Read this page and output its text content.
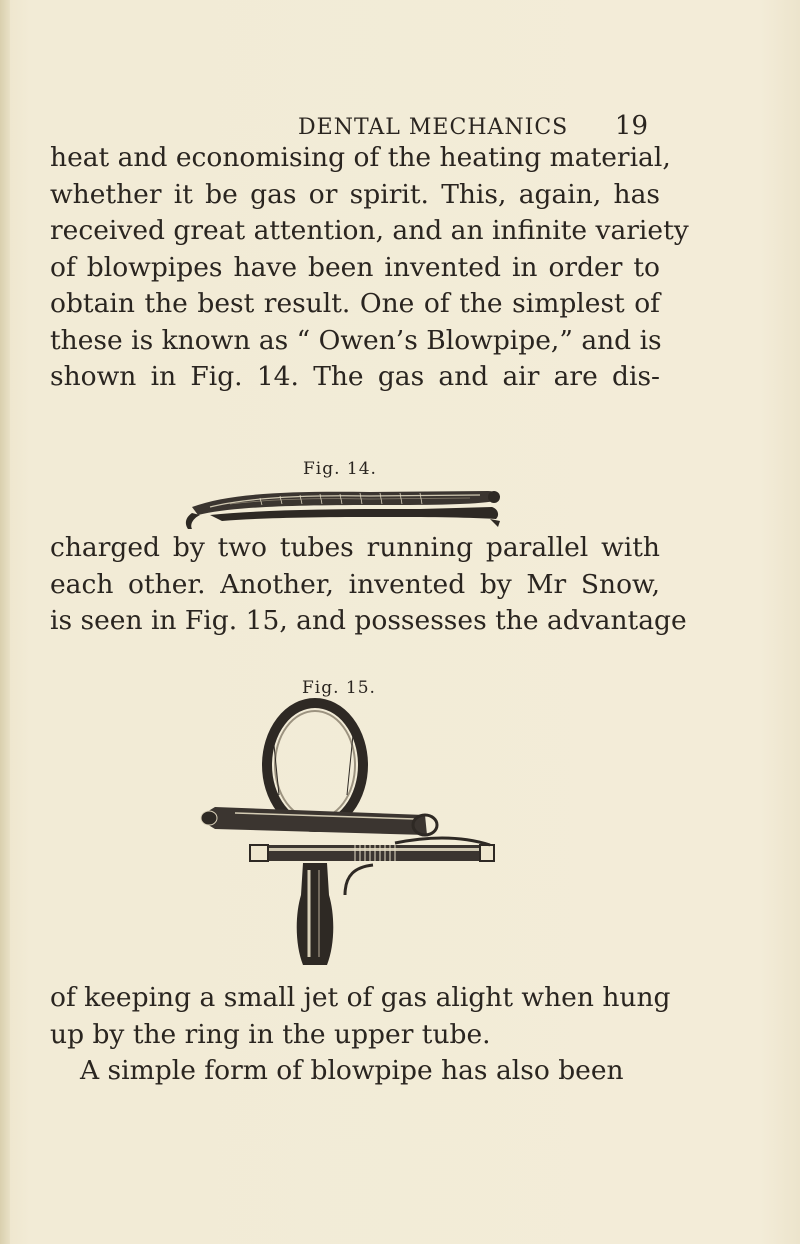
DENTAL MECHANICS 19
heat and economising of the heating material,
whether it be gas or spirit. This, again, has
received great attention, and an infinite variety
of blowpipes have been invented in order to
obtain the best result. One of the simplest of
these is known as “ Owen’s Blowpipe,” and is
shown in Fig. 14. The gas and air are dis-
Fig. 14.
charged by two tubes running parallel with
each other. Another, invented by Mr Snow,
is seen in Fig. 15, and possesses the advantage
Fig. 15.
of keeping a small jet of gas alight when hung
up by the ring in the upper tube.
A simple form of blowpipe has also been
